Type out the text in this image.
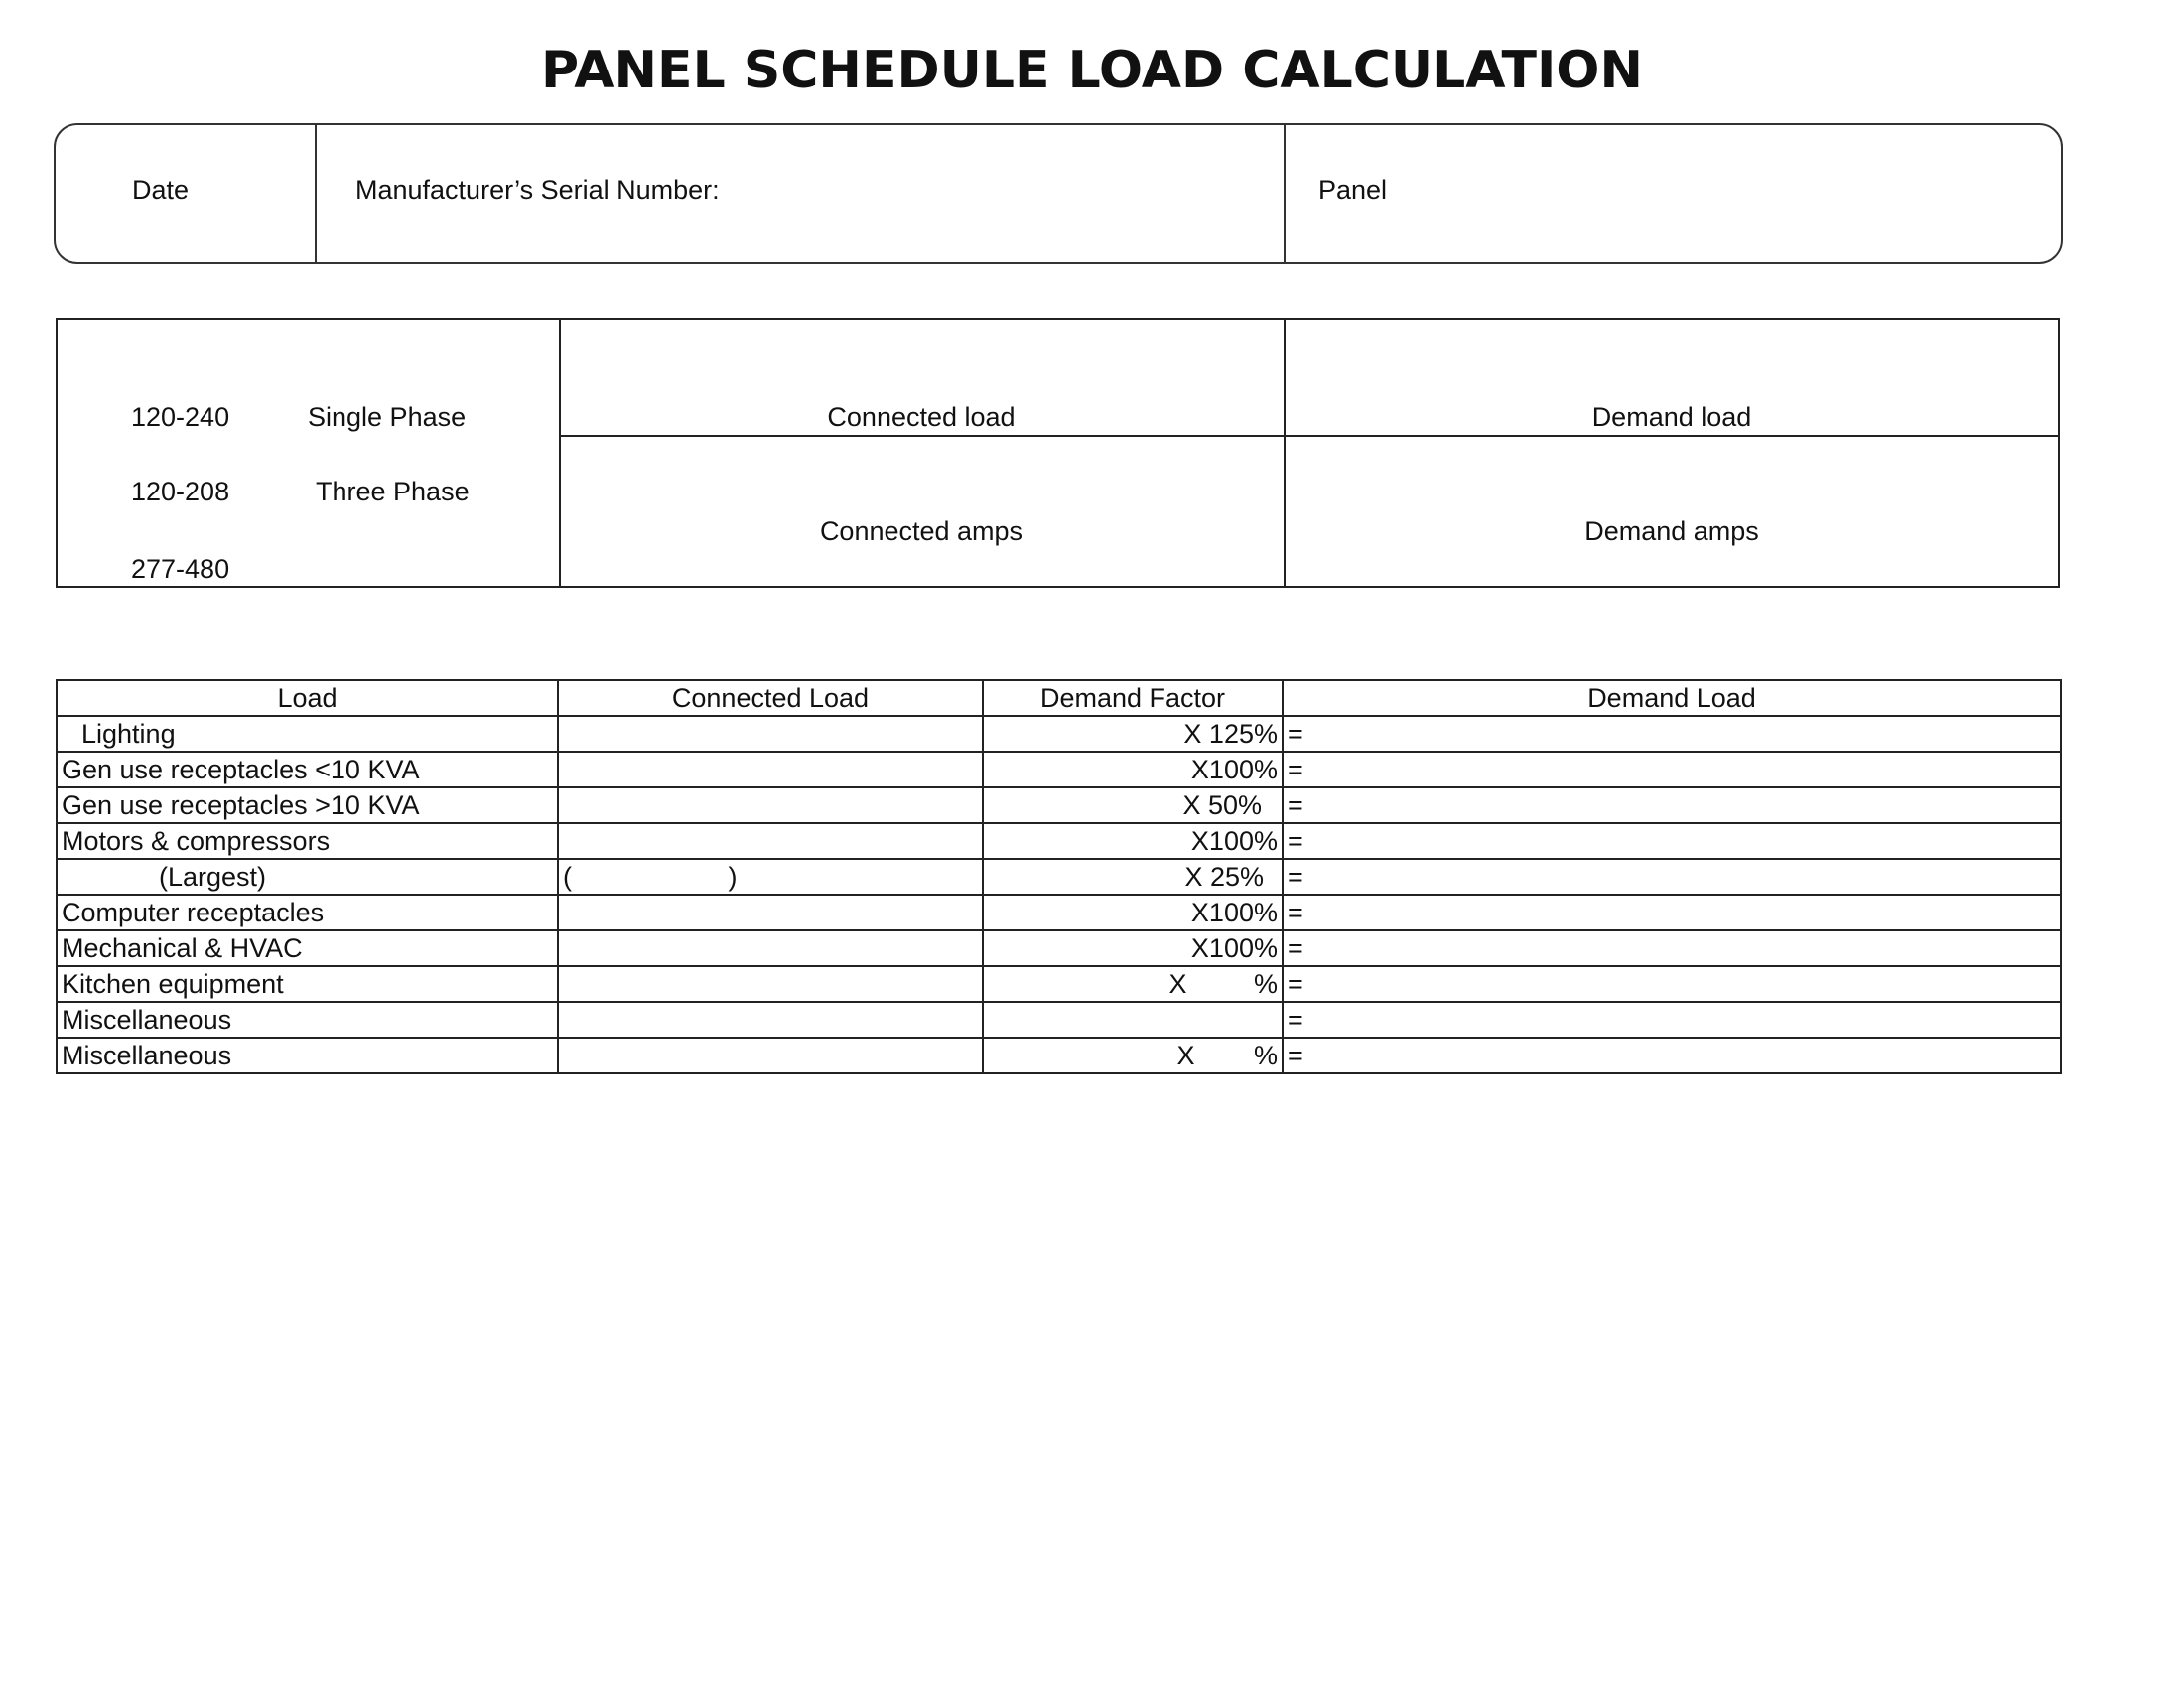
PANEL SCHEDULE LOAD CALCULATION
Date	Manufacturer’s Serial Number:	Panel
120-240	Single Phase
120-208	Three Phase
277-480
Connected load	Demand load
Connected amps	Demand amps
Load	Connected Load	Demand Factor	Demand Load
Lighting		X 125%	=
Gen use receptacles <10 KVA		X100%	=
Gen use receptacles >10 KVA		X 50%	=
Motors & compressors		X100%	=
(Largest)	( )	X 25%	=
Computer receptacles		X100%	=
Mechanical & HVAC		X100%	=
Kitchen equipment		X %	=
Miscellaneous			=
Miscellaneous		X %	=
